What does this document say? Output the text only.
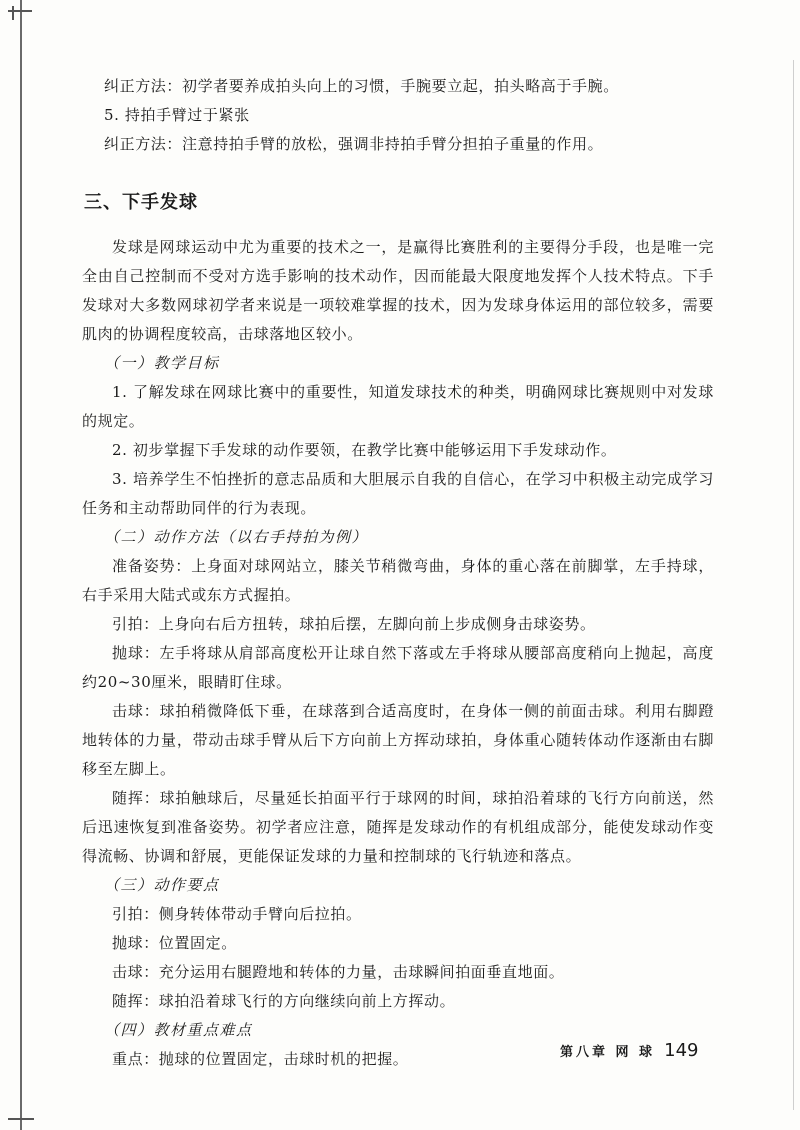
纠正方法：初学者要养成拍头向上的习惯，手腕要立起，拍头略高于手腕。

5. 持拍手臂过于紧张

纠正方法：注意持拍手臂的放松，强调非持拍手臂分担拍子重量的作用。

三、下手发球

发球是网球运动中尤为重要的技术之一，是赢得比赛胜利的主要得分手段，也是唯一完全由自己控制而不受对方选手影响的技术动作，因而能最大限度地发挥个人技术特点。下手发球对大多数网球初学者来说是一项较难掌握的技术，因为发球身体运用的部位较多，需要肌肉的协调程度较高，击球落地区较小。

（一）教学目标

1. 了解发球在网球比赛中的重要性，知道发球技术的种类，明确网球比赛规则中对发球的规定。

2. 初步掌握下手发球的动作要领，在教学比赛中能够运用下手发球动作。

3. 培养学生不怕挫折的意志品质和大胆展示自我的自信心，在学习中积极主动完成学习任务和主动帮助同伴的行为表现。

（二）动作方法（以右手持拍为例）

准备姿势：上身面对球网站立，膝关节稍微弯曲，身体的重心落在前脚掌，左手持球，右手采用大陆式或东方式握拍。

引拍：上身向右后方扭转，球拍后摆，左脚向前上步成侧身击球姿势。

抛球：左手将球从肩部高度松开让球自然下落或左手将球从腰部高度稍向上抛起，高度约20~30厘米，眼睛盯住球。

击球：球拍稍微降低下垂，在球落到合适高度时，在身体一侧的前面击球。利用右脚蹬地转体的力量，带动击球手臂从后下方向前上方挥动球拍，身体重心随转体动作逐渐由右脚移至左脚上。

随挥：球拍触球后，尽量延长拍面平行于球网的时间，球拍沿着球的飞行方向前送，然后迅速恢复到准备姿势。初学者应注意，随挥是发球动作的有机组成部分，能使发球动作变得流畅、协调和舒展，更能保证发球的力量和控制球的飞行轨迹和落点。

（三）动作要点

引拍：侧身转体带动手臂向后拉拍。

抛球：位置固定。

击球：充分运用右腿蹬地和转体的力量，击球瞬间拍面垂直地面。

随挥：球拍沿着球飞行的方向继续向前上方挥动。

（四）教材重点难点

重点：抛球的位置固定，击球时机的把握。	第八章 网 球 149
